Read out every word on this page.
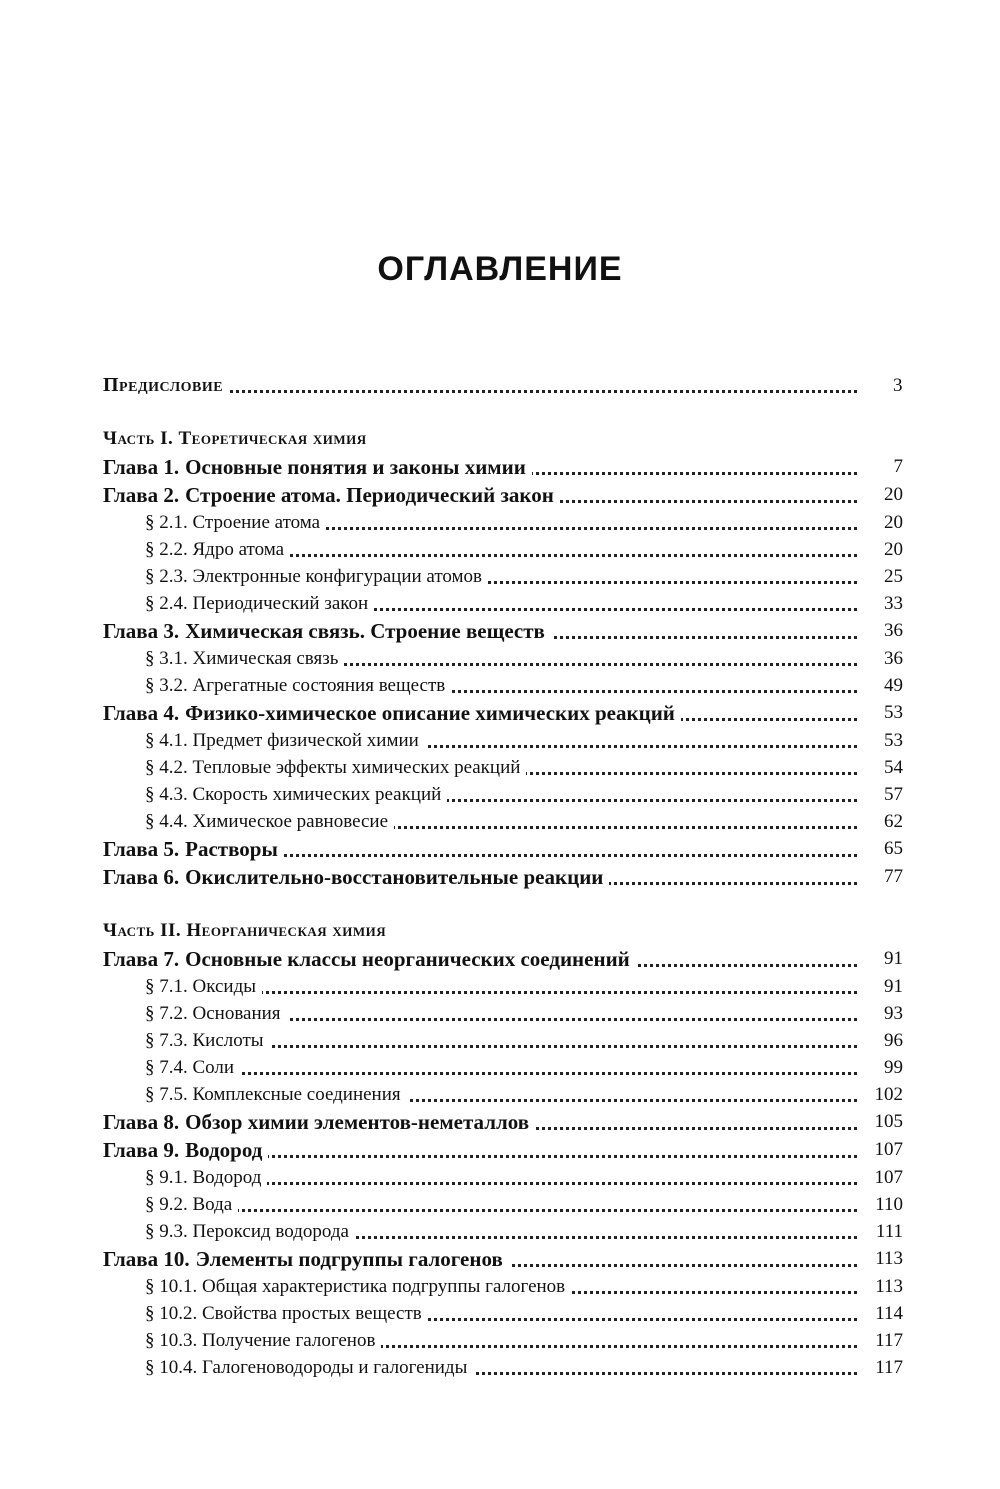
ОГЛАВЛЕНИЕ
Предисловие	3
Часть I. Теоретическая химия
Глава 1. Основные понятия и законы химии	7
Глава 2. Строение атома. Периодический закон	20
§ 2.1. Строение атома	20
§ 2.2. Ядро атома	20
§ 2.3. Электронные конфигурации атомов	25
§ 2.4. Периодический закон	33
Глава 3. Химическая связь. Строение веществ	36
§ 3.1. Химическая связь	36
§ 3.2. Агрегатные состояния веществ	49
Глава 4. Физико-химическое описание химических реакций	53
§ 4.1. Предмет физической химии	53
§ 4.2. Тепловые эффекты химических реакций	54
§ 4.3. Скорость химических реакций	57
§ 4.4. Химическое равновесие	62
Глава 5. Растворы	65
Глава 6. Окислительно-восстановительные реакции	77
Часть II. Неорганическая химия
Глава 7. Основные классы неорганических соединений	91
§ 7.1. Оксиды	91
§ 7.2. Основания	93
§ 7.3. Кислоты	96
§ 7.4. Соли	99
§ 7.5. Комплексные соединения	102
Глава 8. Обзор химии элементов-неметаллов	105
Глава 9. Водород	107
§ 9.1. Водород	107
§ 9.2. Вода	110
§ 9.3. Пероксид водорода	111
Глава 10. Элементы подгруппы галогенов	113
§ 10.1. Общая характеристика подгруппы галогенов	113
§ 10.2. Свойства простых веществ	114
§ 10.3. Получение галогенов	117
§ 10.4. Галогеноводороды и галогениды	117
